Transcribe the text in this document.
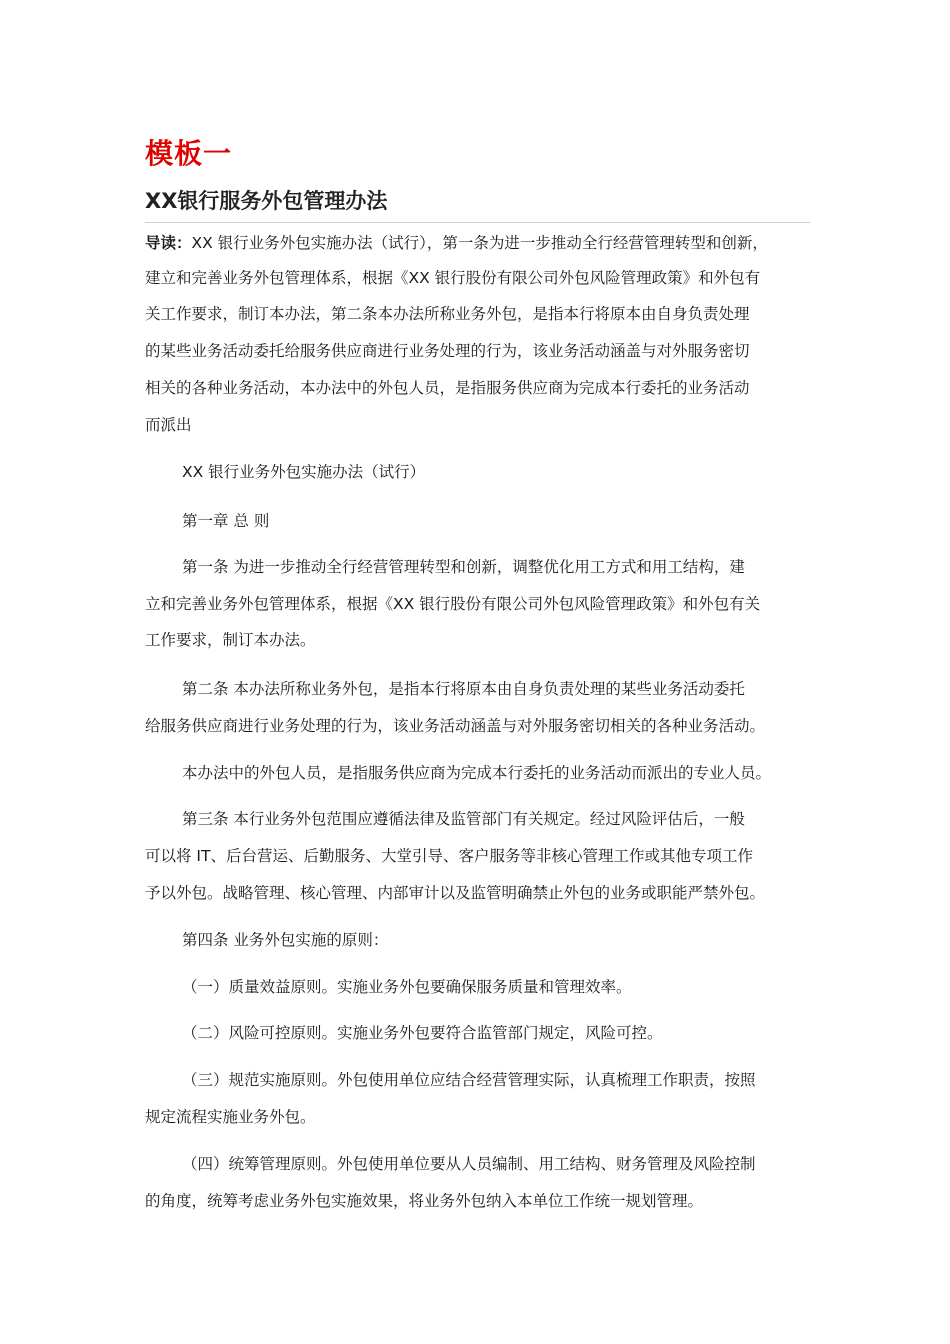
模板一
XX银行服务外包管理办法
导读：XX 银行业务外包实施办法（试行），第一条为进一步推动全行经营管理转型和创新，
建立和完善业务外包管理体系，根据《XX 银行股份有限公司外包风险管理政策》和外包有
关工作要求，制订本办法，第二条本办法所称业务外包，是指本行将原本由自身负责处理
的某些业务活动委托给服务供应商进行业务处理的行为，该业务活动涵盖与对外服务密切
相关的各种业务活动，本办法中的外包人员，是指服务供应商为完成本行委托的业务活动
而派出
XX 银行业务外包实施办法（试行）
第一章 总 则
第一条 为进一步推动全行经营管理转型和创新，调整优化用工方式和用工结构，建
立和完善业务外包管理体系，根据《XX 银行股份有限公司外包风险管理政策》和外包有关
工作要求，制订本办法。
第二条 本办法所称业务外包，是指本行将原本由自身负责处理的某些业务活动委托
给服务供应商进行业务处理的行为，该业务活动涵盖与对外服务密切相关的各种业务活动。
本办法中的外包人员，是指服务供应商为完成本行委托的业务活动而派出的专业人员。
第三条 本行业务外包范围应遵循法律及监管部门有关规定。经过风险评估后，一般
可以将 IT、后台营运、后勤服务、大堂引导、客户服务等非核心管理工作或其他专项工作
予以外包。战略管理、核心管理、内部审计以及监管明确禁止外包的业务或职能严禁外包。
第四条 业务外包实施的原则：
（一）质量效益原则。实施业务外包要确保服务质量和管理效率。
（二）风险可控原则。实施业务外包要符合监管部门规定，风险可控。
（三）规范实施原则。外包使用单位应结合经营管理实际，认真梳理工作职责，按照
规定流程实施业务外包。
（四）统筹管理原则。外包使用单位要从人员编制、用工结构、财务管理及风险控制
的角度，统筹考虑业务外包实施效果，将业务外包纳入本单位工作统一规划管理。
